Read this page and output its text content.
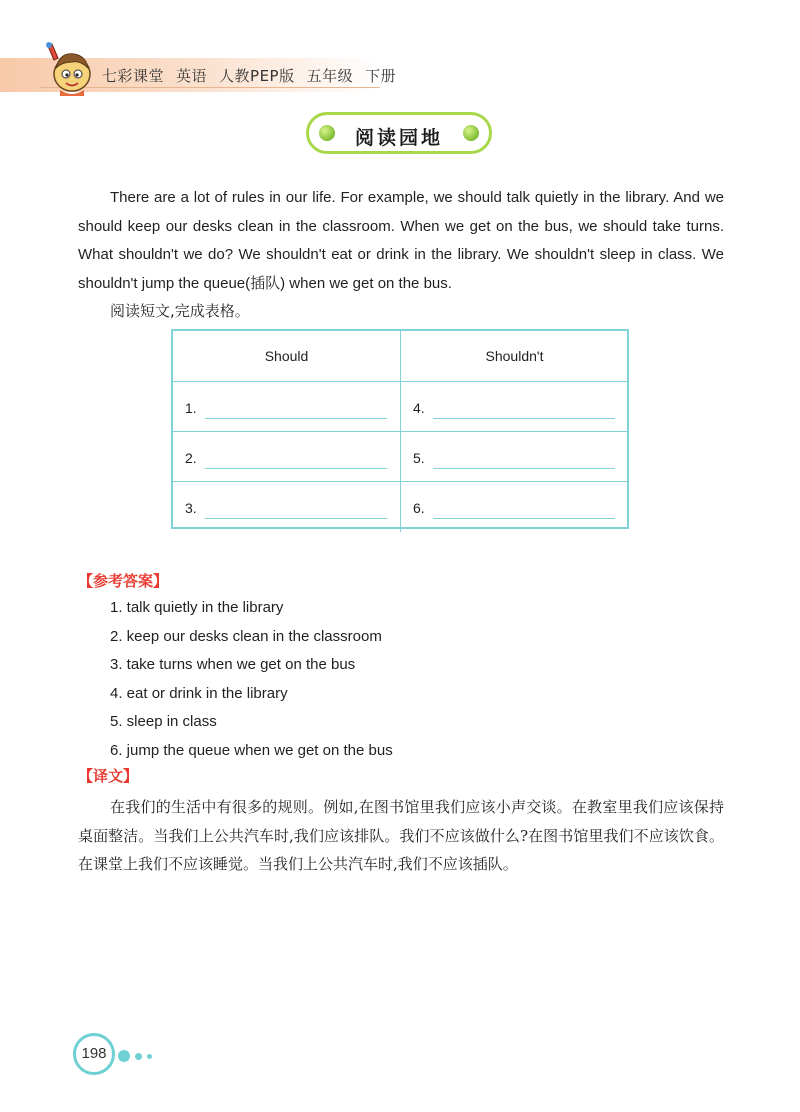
七彩课堂 英语 人教PEP版 五年级 下册
阅读园地
There are a lot of rules in our life. For example, we should talk quietly in the library. And we should keep our desks clean in the classroom. When we get on the bus, we should take turns. What shouldn't we do? We shouldn't eat or drink in the library. We shouldn't sleep in class. We shouldn't jump the queue(插队) when we get on the bus.
阅读短文,完成表格。
Should	Shouldn't
1.	4.
2.	5.
3.	6.
【参考答案】
1. talk quietly in the library
2. keep our desks clean in the classroom
3. take turns when we get on the bus
4. eat or drink in the library
5. sleep in class
6. jump the queue when we get on the bus
【译文】
在我们的生活中有很多的规则。例如,在图书馆里我们应该小声交谈。在教室里我们应该保持桌面整洁。当我们上公共汽车时,我们应该排队。我们不应该做什么?在图书馆里我们不应该饮食。在课堂上我们不应该睡觉。当我们上公共汽车时,我们不应该插队。
198
